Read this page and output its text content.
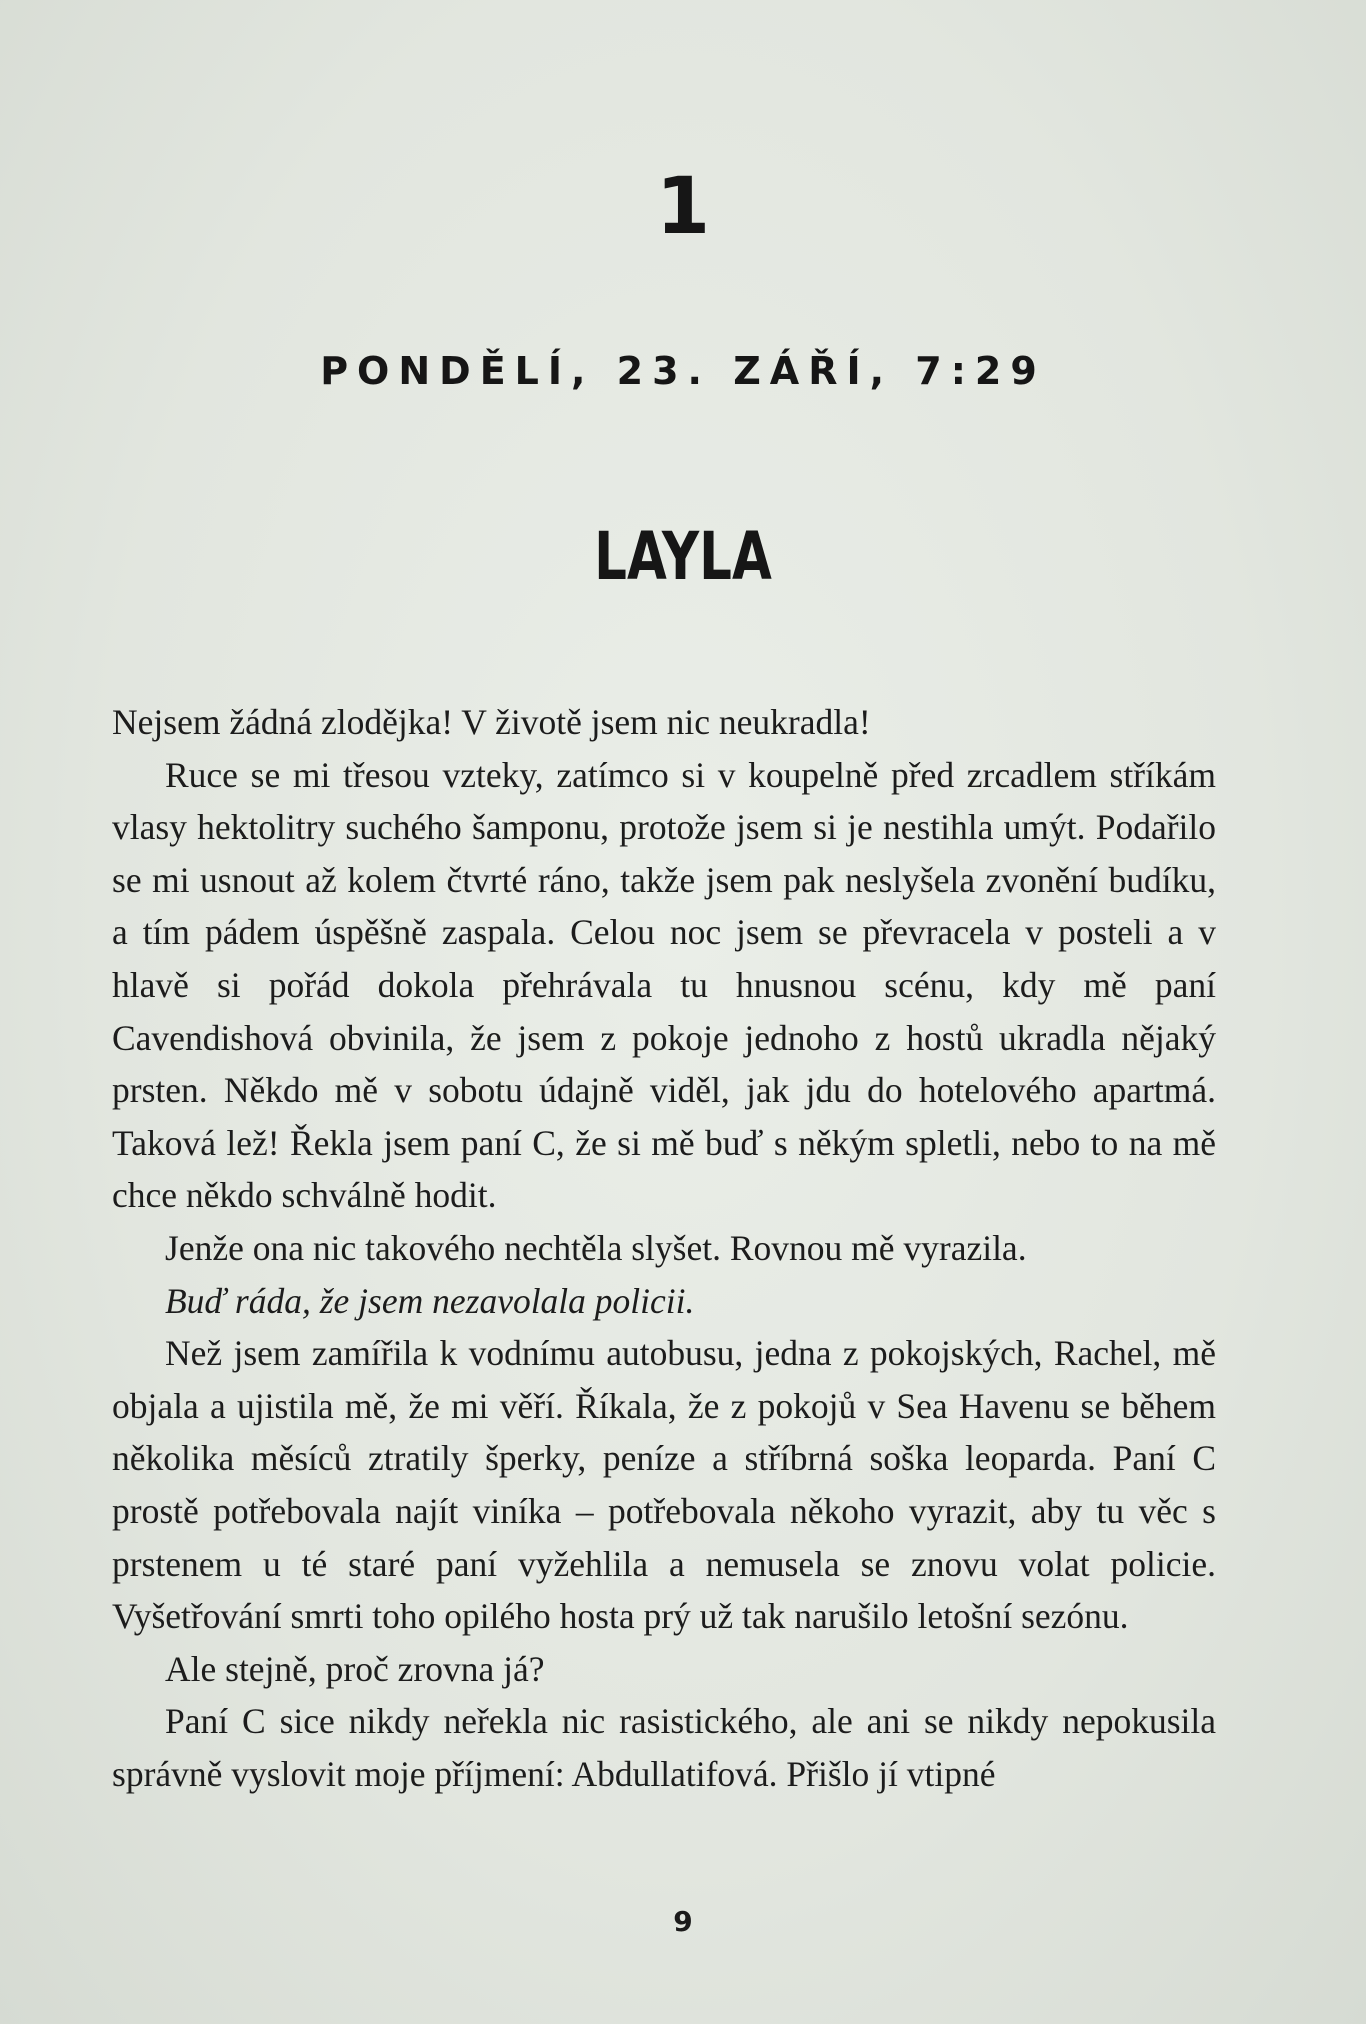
1
PONDĚLÍ, 23. ZÁŘÍ, 7:29
LAYLA

Nejsem žádná zlodějka! V životě jsem nic neukradla!

Ruce se mi třesou vzteky, zatímco si v koupelně před zrcadlem stříkám vlasy hektolitry suchého šamponu, protože jsem si je nestihla umýt. Podařilo se mi usnout až kolem čtvrté ráno, takže jsem pak neslyšela zvonění budíku, a tím pádem úspěšně zaspala. Celou noc jsem se převracela v posteli a v hlavě si pořád dokola přehrávala tu hnusnou scénu, kdy mě paní Cavendishová obvinila, že jsem z pokoje jednoho z hostů ukradla nějaký prsten. Někdo mě v sobotu údajně viděl, jak jdu do hotelového apartmá. Taková lež! Řekla jsem paní C, že si mě buď s někým spletli, nebo to na mě chce někdo schválně hodit.

Jenže ona nic takového nechtěla slyšet. Rovnou mě vyrazila.

Buď ráda, že jsem nezavolala policii.

Než jsem zamířila k vodnímu autobusu, jedna z pokojských, Rachel, mě objala a ujistila mě, že mi věří. Říkala, že z pokojů v Sea Havenu se během několika měsíců ztratily šperky, peníze a stříbrná soška leoparda. Paní C prostě potřebovala najít viníka – potřebovala někoho vyrazit, aby tu věc s prstenem u té staré paní vyžehlila a nemusela se znovu volat policie. Vyšetřování smrti toho opilého hosta prý už tak narušilo letošní sezónu.

Ale stejně, proč zrovna já?

Paní C sice nikdy neřekla nic rasistického, ale ani se nikdy nepokusila správně vyslovit moje příjmení: Abdullatifová. Přišlo jí vtipné

9
